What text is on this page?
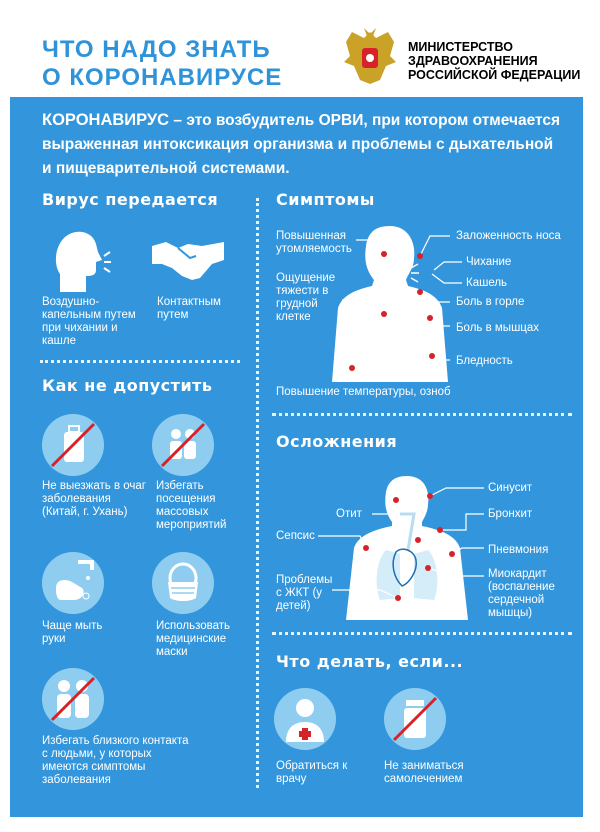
ЧТО НАДО ЗНАТЬ
О КОРОНАВИРУСЕ
МИНИСТЕРСТВО
ЗДРАВООХРАНЕНИЯ
РОССИЙСКОЙ ФЕДЕРАЦИИ
КОРОНАВИРУС – это возбудитель ОРВИ, при котором отмечается выраженная интоксикация организма и проблемы с дыхательной и пищеварительной системами.
Вирус передается
Воздушно-капельным путем при чихании и кашле
Контактным путем
Как не допустить
Не выезжать в очаг заболевания (Китай, г. Ухань)
Избегать посещения массовых мероприятий
Чаще мыть руки
Использовать медицинские маски
Избегать близкого контакта с людьми, у которых имеются симптомы заболевания
Симптомы
Повышенная утомляемость
Ощущение тяжести в грудной клетке
Заложенность носа
Чихание
Кашель
Боль в горле
Боль в мышцах
Бледность
Повышение температуры, озноб
Осложнения
Отит
Сепсис
Проблемы с ЖКТ (у детей)
Синусит
Бронхит
Пневмония
Миокардит (воспаление сердечной мышцы)
Что делать, если...
Обратиться к врачу
Не заниматься самолечением
